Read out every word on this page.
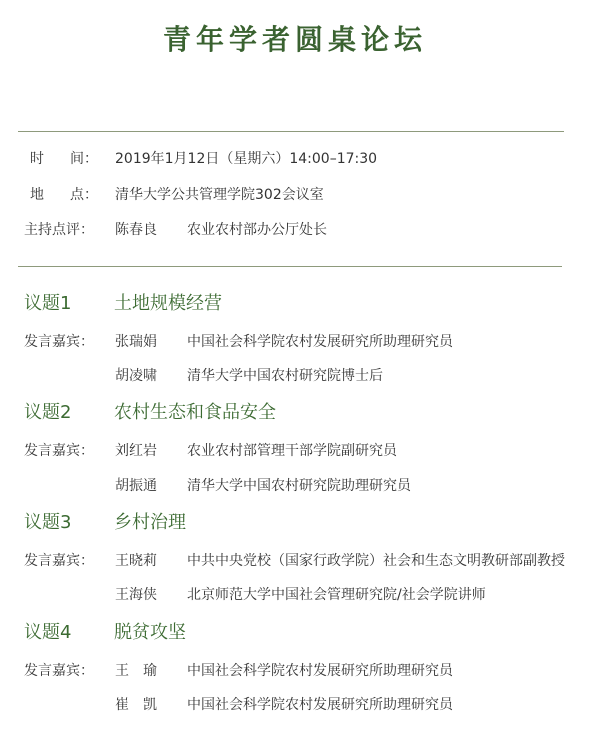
青年学者圆桌论坛
时 间： 2019年1月12日（星期六）14:00–17:30
地 点： 清华大学公共管理学院302会议室
主持点评： 陈春良 农业农村部办公厅处长
议题1 土地规模经营
发言嘉宾： 张瑞娟 中国社会科学院农村发展研究所助理研究员
胡凌啸 清华大学中国农村研究院博士后
议题2 农村生态和食品安全
发言嘉宾： 刘红岩 农业农村部管理干部学院副研究员
胡振通 清华大学中国农村研究院助理研究员
议题3 乡村治理
发言嘉宾： 王晓莉 中共中央党校（国家行政学院）社会和生态文明教研部副教授
王海侠 北京师范大学中国社会管理研究院/社会学院讲师
议题4 脱贫攻坚
发言嘉宾： 王　瑜 中国社会科学院农村发展研究所助理研究员
崔　凯 中国社会科学院农村发展研究所助理研究员
